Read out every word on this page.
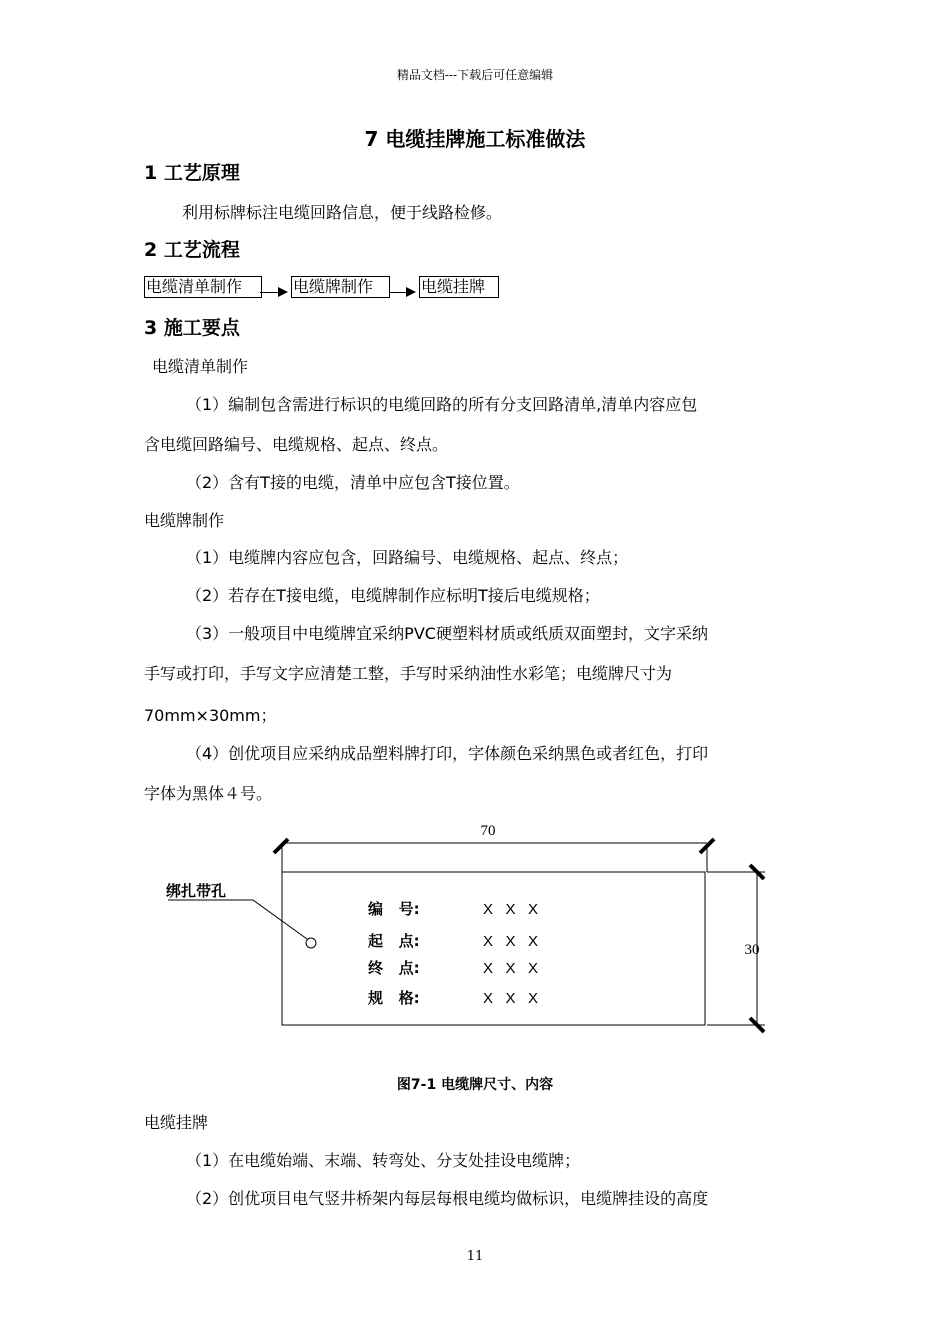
精品文档---下载后可任意编辑
7 电缆挂牌施工标准做法
1 工艺原理
利用标牌标注电缆回路信息，便于线路检修。
2 工艺流程
电缆清单制作	电缆牌制作	电缆挂牌
3 施工要点
电缆清单制作
（1）编制包含需进行标识的电缆回路的所有分支回路清单,清单内容应包
含电缆回路编号、电缆规格、起点、终点。
（2）含有T接的电缆，清单中应包含T接位置。
电缆牌制作
（1）电缆牌内容应包含，回路编号、电缆规格、起点、终点；
（2）若存在T接电缆，电缆牌制作应标明T接后电缆规格；
（3）一般项目中电缆牌宜采纳PVC硬塑料材质或纸质双面塑封，文字采纳
手写或打印，手写文字应清楚工整，手写时采纳油性水彩笔；电缆牌尺寸为
70mm×30mm；
（4）创优项目应采纳成品塑料牌打印，字体颜色采纳黑色或者红色，打印
字体为黑体４号。
70
30
绑扎带孔
编   号:	X   X   X
起   点:	X   X   X
终   点:	X   X   X
规   格:	X   X   X
图7-1 电缆牌尺寸、内容
电缆挂牌
（1）在电缆始端、末端、转弯处、分支处挂设电缆牌；
（2）创优项目电气竖井桥架内每层每根电缆均做标识，电缆牌挂设的高度
11
